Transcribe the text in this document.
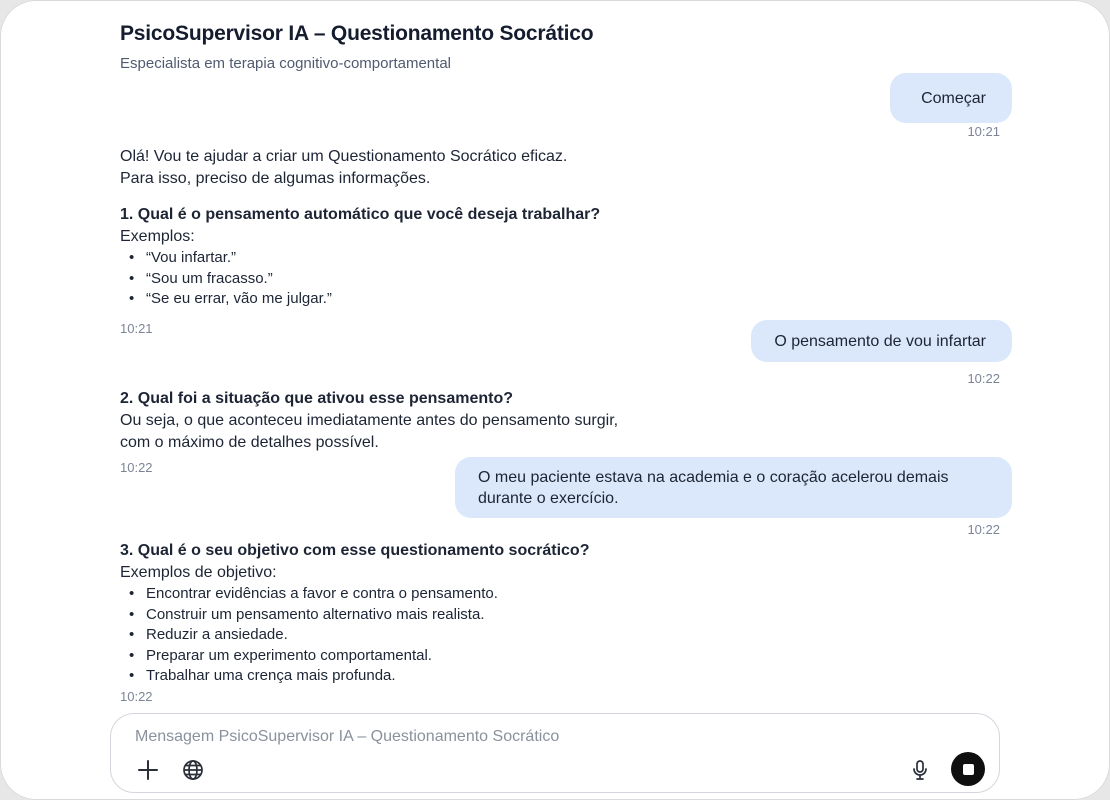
PsicoSupervisor IA – Questionamento Socrático
Especialista em terapia cognitivo-comportamental
Começar
10:21
Olá! Vou te ajudar a criar um Questionamento Socrático eficaz.
Para isso, preciso de algumas informações.
1. Qual é o pensamento automático que você deseja trabalhar?
Exemplos:
• “Vou infartar.”
• “Sou um fracasso.”
• “Se eu errar, vão me julgar.”
10:21
O pensamento de vou infartar
10:22
2. Qual foi a situação que ativou esse pensamento?
Ou seja, o que aconteceu imediatamente antes do pensamento surgir,
com o máximo de detalhes possível.
10:22
O meu paciente estava na academia e o coração acelerou demais
durante o exercício.
10:22
3. Qual é o seu objetivo com esse questionamento socrático?
Exemplos de objetivo:
• Encontrar evidências a favor e contra o pensamento.
• Construir um pensamento alternativo mais realista.
• Reduzir a ansiedade.
• Preparar um experimento comportamental.
• Trabalhar uma crença mais profunda.
10:22
Mensagem PsicoSupervisor IA – Questionamento Socrático
